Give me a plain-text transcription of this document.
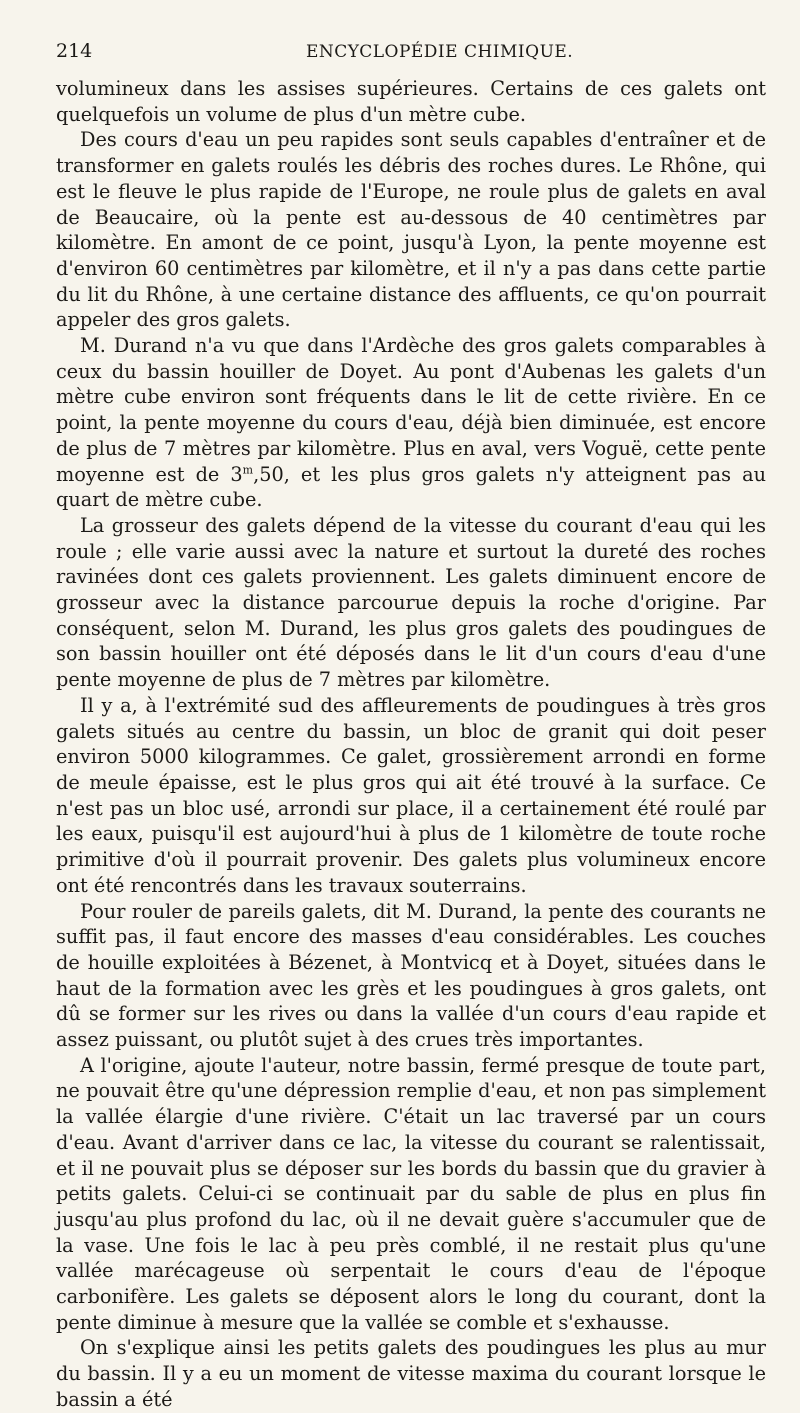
214	ENCYCLOPÉDIE CHIMIQUE.

volumineux dans les assises supérieures. Certains de ces galets ont quelquefois un volume de plus d'un mètre cube.

Des cours d'eau un peu rapides sont seuls capables d'entraîner et de transformer en galets roulés les débris des roches dures. Le Rhône, qui est le fleuve le plus rapide de l'Europe, ne roule plus de galets en aval de Beaucaire, où la pente est au-dessous de 40 centimètres par kilomètre. En amont de ce point, jusqu'à Lyon, la pente moyenne est d'environ 60 centimètres par kilomètre, et il n'y a pas dans cette partie du lit du Rhône, à une certaine distance des affluents, ce qu'on pourrait appeler des gros galets.

M. Durand n'a vu que dans l'Ardèche des gros galets comparables à ceux du bassin houiller de Doyet. Au pont d'Aubenas les galets d'un mètre cube environ sont fréquents dans le lit de cette rivière. En ce point, la pente moyenne du cours d'eau, déjà bien diminuée, est encore de plus de 7 mètres par kilomètre. Plus en aval, vers Voguë, cette pente moyenne est de 3$^m$,50, et les plus gros galets n'y atteignent pas au quart de mètre cube.

La grosseur des galets dépend de la vitesse du courant d'eau qui les roule ; elle varie aussi avec la nature et surtout la dureté des roches ravinées dont ces galets proviennent. Les galets diminuent encore de grosseur avec la distance parcourue depuis la roche d'origine. Par conséquent, selon M. Durand, les plus gros galets des poudingues de son bassin houiller ont été déposés dans le lit d'un cours d'eau d'une pente moyenne de plus de 7 mètres par kilomètre.

Il y a, à l'extrémité sud des affleurements de poudingues à très gros galets situés au centre du bassin, un bloc de granit qui doit peser environ 5000 kilogrammes. Ce galet, grossièrement arrondi en forme de meule épaisse, est le plus gros qui ait été trouvé à la surface. Ce n'est pas un bloc usé, arrondi sur place, il a certainement été roulé par les eaux, puisqu'il est aujourd'hui à plus de 1 kilomètre de toute roche primitive d'où il pourrait provenir. Des galets plus volumineux encore ont été rencontrés dans les travaux souterrains.

Pour rouler de pareils galets, dit M. Durand, la pente des courants ne suffit pas, il faut encore des masses d'eau considérables. Les couches de houille exploitées à Bézenet, à Montvicq et à Doyet, situées dans le haut de la formation avec les grès et les poudingues à gros galets, ont dû se former sur les rives ou dans la vallée d'un cours d'eau rapide et assez puissant, ou plutôt sujet à des crues très importantes.

A l'origine, ajoute l'auteur, notre bassin, fermé presque de toute part, ne pouvait être qu'une dépression remplie d'eau, et non pas simplement la vallée élargie d'une rivière. C'était un lac traversé par un cours d'eau. Avant d'arriver dans ce lac, la vitesse du courant se ralentissait, et il ne pouvait plus se déposer sur les bords du bassin que du gravier à petits galets. Celui-ci se continuait par du sable de plus en plus fin jusqu'au plus profond du lac, où il ne devait guère s'accumuler que de la vase. Une fois le lac à peu près comblé, il ne restait plus qu'une vallée marécageuse où serpentait le cours d'eau de l'époque carbonifère. Les galets se déposent alors le long du courant, dont la pente diminue à mesure que la vallée se comble et s'exhausse.

On s'explique ainsi les petits galets des poudingues les plus au mur du bassin. Il y a eu un moment de vitesse maxima du courant lorsque le bassin a été
